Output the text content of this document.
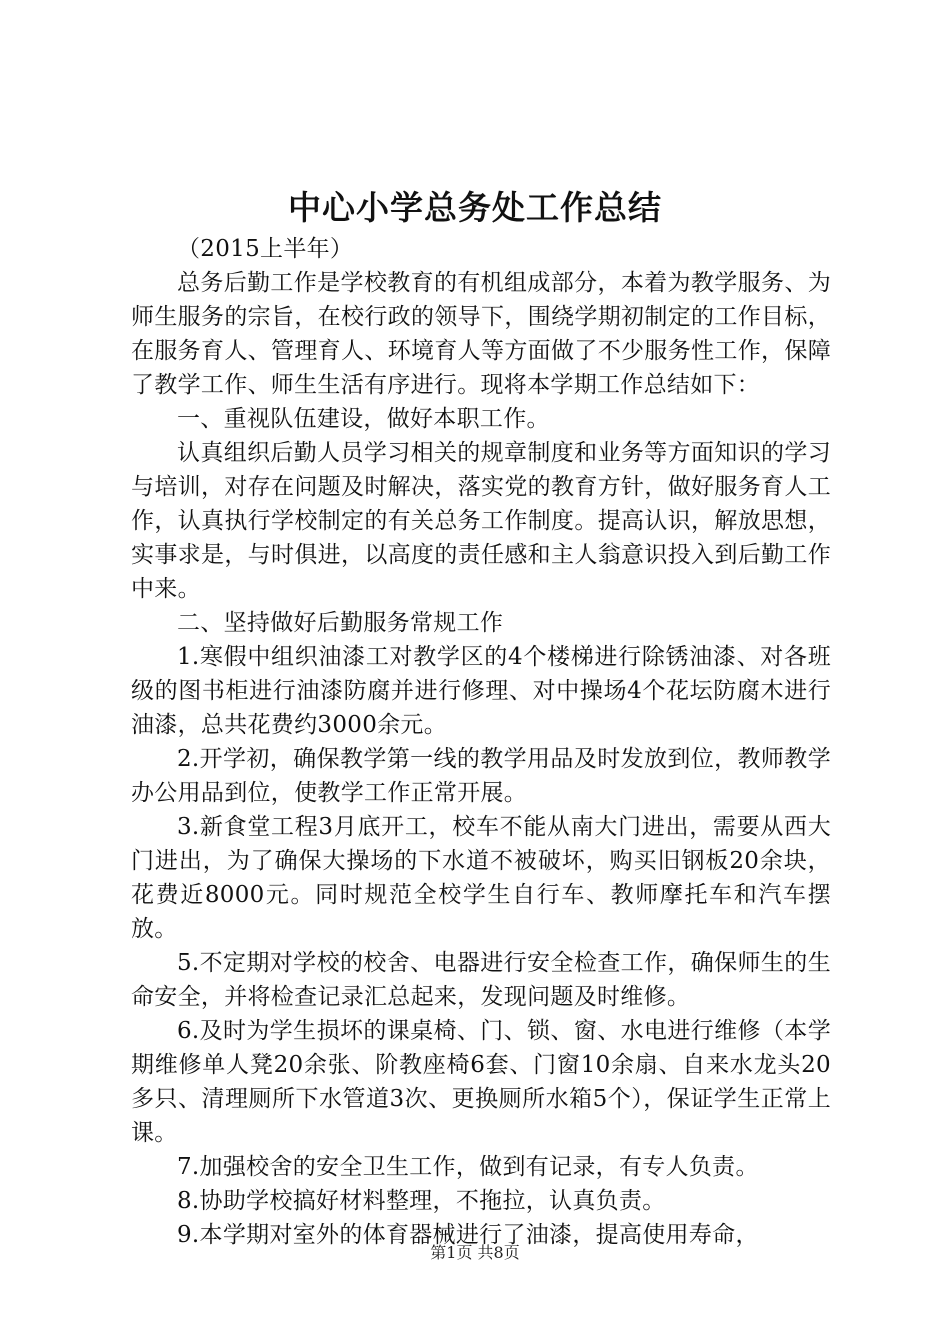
中心小学总务处工作总结

（2015上半年）

总务后勤工作是学校教育的有机组成部分，本着为教学服务、为师生服务的宗旨，在校行政的领导下，围绕学期初制定的工作目标，在服务育人、管理育人、环境育人等方面做了不少服务性工作，保障了教学工作、师生生活有序进行。现将本学期工作总结如下：

一、重视队伍建设，做好本职工作。

认真组织后勤人员学习相关的规章制度和业务等方面知识的学习与培训，对存在问题及时解决，落实党的教育方针，做好服务育人工作，认真执行学校制定的有关总务工作制度。提高认识，解放思想，实事求是，与时俱进，以高度的责任感和主人翁意识投入到后勤工作中来。

二、坚持做好后勤服务常规工作

1.寒假中组织油漆工对教学区的4个楼梯进行除锈油漆、对各班级的图书柜进行油漆防腐并进行修理、对中操场4个花坛防腐木进行油漆，总共花费约3000余元。

2.开学初，确保教学第一线的教学用品及时发放到位，教师教学办公用品到位，使教学工作正常开展。

3.新食堂工程3月底开工，校车不能从南大门进出，需要从西大门进出，为了确保大操场的下水道不被破坏，购买旧钢板20余块，花费近8000元。同时规范全校学生自行车、教师摩托车和汽车摆放。

5.不定期对学校的校舍、电器进行安全检查工作，确保师生的生命安全，并将检查记录汇总起来，发现问题及时维修。

6.及时为学生损坏的课桌椅、门、锁、窗、水电进行维修（本学期维修单人凳20余张、阶教座椅6套、门窗10余扇、自来水龙头20多只、清理厕所下水管道3次、更换厕所水箱5个），保证学生正常上课。

7.加强校舍的安全卫生工作，做到有记录，有专人负责。

8.协助学校搞好材料整理，不拖拉，认真负责。

9.本学期对室外的体育器械进行了油漆，提高使用寿命，

第1页 共8页
